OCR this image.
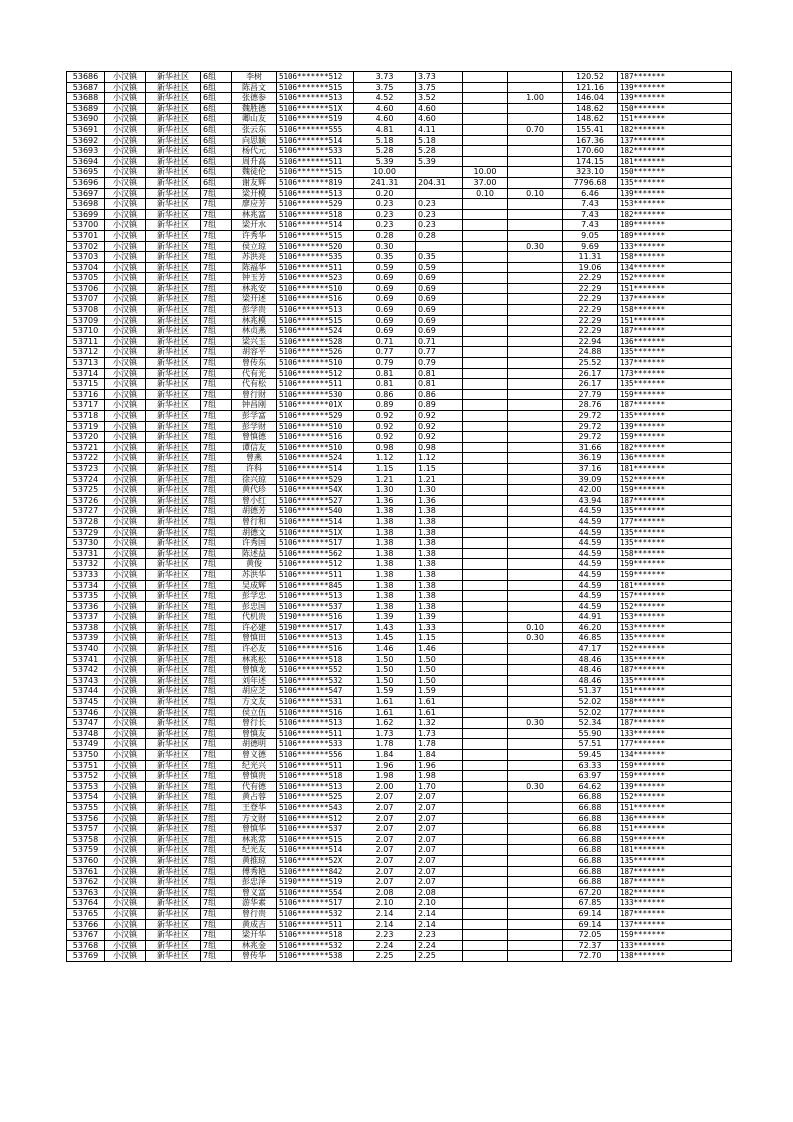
53686	小汉镇	新华社区	6组	李树	5106*******512	3.73	3.73			120.52	187*******
53687	小汉镇	新华社区	6组	陈昌文	5106*******515	3.75	3.75			121.16	139*******
53688	小汉镇	新华社区	6组	张德参	5106*******513	4.52	3.52		1.00	146.04	139*******
53689	小汉镇	新华社区	6组	魏胜德	5106*******51X	4.60	4.60			148.62	150*******
53690	小汉镇	新华社区	6组	卿山友	5106*******519	4.60	4.60			148.62	151*******
53691	小汉镇	新华社区	6组	张云东	5106*******555	4.81	4.11		0.70	155.41	182*******
53692	小汉镇	新华社区	6组	向思颖	5106*******514	5.18	5.18			167.36	137*******
53693	小汉镇	新华社区	6组	杨代元	5106*******533	5.28	5.28			170.60	182*******
53694	小汉镇	新华社区	6组	周升高	5106*******511	5.39	5.39			174.15	181*******
53695	小汉镇	新华社区	6组	魏徒伦	5106*******515	10.00		10.00		323.10	150*******
53696	小汉镇	新华社区	6组	谢友辉	5106*******819	241.31	204.31	37.00		7796.68	135*******
53697	小汉镇	新华社区	7组	梁开模	5106*******513	0.20		0.10	0.10	6.46	139*******
53698	小汉镇	新华社区	7组	廖应芳	5106*******529	0.23	0.23			7.43	153*******
53699	小汉镇	新华社区	7组	林兆富	5106*******518	0.23	0.23			7.43	182*******
53700	小汉镇	新华社区	7组	梁开水	5106*******514	0.23	0.23			7.43	189*******
53701	小汉镇	新华社区	7组	许秀华	5106*******515	0.28	0.28			9.05	189*******
53702	小汉镇	新华社区	7组	侯立琼	5106*******520	0.30			0.30	9.69	133*******
53703	小汉镇	新华社区	7组	苏洪亮	5106*******535	0.35	0.35			11.31	158*******
53704	小汉镇	新华社区	7组	陈福华	5106*******511	0.59	0.59			19.06	134*******
53705	小汉镇	新华社区	7组	钟玉芳	5106*******523	0.69	0.69			22.29	152*******
53706	小汉镇	新华社区	7组	林兆安	5106*******510	0.69	0.69			22.29	151*******
53707	小汉镇	新华社区	7组	梁开述	5106*******516	0.69	0.69			22.29	137*******
53708	小汉镇	新华社区	7组	彭学贵	5106*******513	0.69	0.69			22.29	158*******
53709	小汉镇	新华社区	7组	林兆模	5106*******515	0.69	0.69			22.29	151*******
53710	小汉镇	新华社区	7组	林贞燕	5106*******524	0.69	0.69			22.29	187*******
53711	小汉镇	新华社区	7组	梁兴玉	5106*******528	0.71	0.71			22.94	136*******
53712	小汉镇	新华社区	7组	胡容平	5106*******526	0.77	0.77			24.88	135*******
53713	小汉镇	新华社区	7组	曾传东	5106*******510	0.79	0.79			25.52	137*******
53714	小汉镇	新华社区	7组	代有光	5106*******512	0.81	0.81			26.17	173*******
53715	小汉镇	新华社区	7组	代有松	5106*******511	0.81	0.81			26.17	135*******
53716	小汉镇	新华社区	7组	曾行财	5106*******530	0.86	0.86			27.79	159*******
53717	小汉镇	新华社区	7组	钟昌刚	5106*******01X	0.89	0.89			28.76	187*******
53718	小汉镇	新华社区	7组	彭学富	5106*******529	0.92	0.92			29.72	135*******
53719	小汉镇	新华社区	7组	彭学财	5106*******510	0.92	0.92			29.72	139*******
53720	小汉镇	新华社区	7组	曾慎德	5106*******516	0.92	0.92			29.72	159*******
53721	小汉镇	新华社区	7组	谭信友	5106*******510	0.98	0.98			31.66	182*******
53722	小汉镇	新华社区	7组	曾燕	5106*******524	1.12	1.12			36.19	136*******
53723	小汉镇	新华社区	7组	许科	5106*******514	1.15	1.15			37.16	181*******
53724	小汉镇	新华社区	7组	徐兴琼	5106*******529	1.21	1.21			39.09	152*******
53725	小汉镇	新华社区	7组	黄代珍	5106*******54X	1.30	1.30			42.00	159*******
53726	小汉镇	新华社区	7组	曾小红	5106*******527	1.36	1.36			43.94	187*******
53727	小汉镇	新华社区	7组	胡德芳	5106*******540	1.38	1.38			44.59	135*******
53728	小汉镇	新华社区	7组	曾行和	5106*******514	1.38	1.38			44.59	177*******
53729	小汉镇	新华社区	7组	胡德文	5106*******51X	1.38	1.38			44.59	135*******
53730	小汉镇	新华社区	7组	许秀国	5106*******517	1.38	1.38			44.59	135*******
53731	小汉镇	新华社区	7组	陈述益	5106*******562	1.38	1.38			44.59	158*******
53732	小汉镇	新华社区	7组	黄俊	5106*******512	1.38	1.38			44.59	159*******
53733	小汉镇	新华社区	7组	苏洪华	5106*******511	1.38	1.38			44.59	159*******
53734	小汉镇	新华社区	7组	吴成辉	5106*******845	1.38	1.38			44.59	181*******
53735	小汉镇	新华社区	7组	彭学忠	5106*******513	1.38	1.38			44.59	157*******
53736	小汉镇	新华社区	7组	彭忠国	5106*******537	1.38	1.38			44.59	152*******
53737	小汉镇	新华社区	7组	代机贵	5190*******516	1.39	1.39			44.91	153*******
53738	小汉镇	新华社区	7组	许必建	5190*******517	1.43	1.33		0.10	46.20	153*******
53739	小汉镇	新华社区	7组	曾慎田	5106*******513	1.45	1.15		0.30	46.85	135*******
53740	小汉镇	新华社区	7组	许必友	5106*******516	1.46	1.46			47.17	152*******
53741	小汉镇	新华社区	7组	林兆松	5106*******518	1.50	1.50			48.46	135*******
53742	小汉镇	新华社区	7组	曾慎龙	5106*******552	1.50	1.50			48.46	187*******
53743	小汉镇	新华社区	7组	刘年述	5106*******532	1.50	1.50			48.46	135*******
53744	小汉镇	新华社区	7组	胡应芝	5106*******547	1.59	1.59			51.37	151*******
53745	小汉镇	新华社区	7组	方文友	5106*******531	1.61	1.61			52.02	158*******
53746	小汉镇	新华社区	7组	侯立伍	5106*******516	1.61	1.61			52.02	177*******
53747	小汉镇	新华社区	7组	曾行长	5106*******513	1.62	1.32		0.30	52.34	187*******
53748	小汉镇	新华社区	7组	曾慎友	5106*******511	1.73	1.73			55.90	133*******
53749	小汉镇	新华社区	7组	胡德明	5106*******533	1.78	1.78			57.51	177*******
53750	小汉镇	新华社区	7组	曾义德	5106*******556	1.84	1.84			59.45	134*******
53751	小汉镇	新华社区	7组	纪光兴	5106*******511	1.96	1.96			63.33	159*******
53752	小汉镇	新华社区	7组	曾慎贵	5106*******518	1.98	1.98			63.97	159*******
53753	小汉镇	新华社区	7组	代有德	5106*******513	2.00	1.70		0.30	64.62	139*******
53754	小汉镇	新华社区	7组	黄占蓉	5106*******525	2.07	2.07			66.88	152*******
53755	小汉镇	新华社区	7组	王登华	5106*******543	2.07	2.07			66.88	151*******
53756	小汉镇	新华社区	7组	方文财	5106*******512	2.07	2.07			66.88	136*******
53757	小汉镇	新华社区	7组	曾慎华	5106*******537	2.07	2.07			66.88	151*******
53758	小汉镇	新华社区	7组	林兆常	5106*******515	2.07	2.07			66.88	159*******
53759	小汉镇	新华社区	7组	纪光友	5106*******514	2.07	2.07			66.88	181*******
53760	小汉镇	新华社区	7组	黄推琼	5106*******52X	2.07	2.07			66.88	135*******
53761	小汉镇	新华社区	7组	傅秀艳	5106*******842	2.07	2.07			66.88	187*******
53762	小汉镇	新华社区	7组	彭忠泽	5190*******519	2.07	2.07			66.88	187*******
53763	小汉镇	新华社区	7组	曾义富	5106*******554	2.08	2.08			67.20	182*******
53764	小汉镇	新华社区	7组	游华素	5106*******517	2.10	2.10			67.85	133*******
53765	小汉镇	新华社区	7组	曾行贵	5106*******532	2.14	2.14			69.14	187*******
53766	小汉镇	新华社区	7组	黄成吉	5106*******511	2.14	2.14			69.14	137*******
53767	小汉镇	新华社区	7组	梁开华	5106*******518	2.23	2.23			72.05	159*******
53768	小汉镇	新华社区	7组	林兆金	5106*******532	2.24	2.24			72.37	133*******
53769	小汉镇	新华社区	7组	曾传华	5106*******538	2.25	2.25			72.70	138*******
